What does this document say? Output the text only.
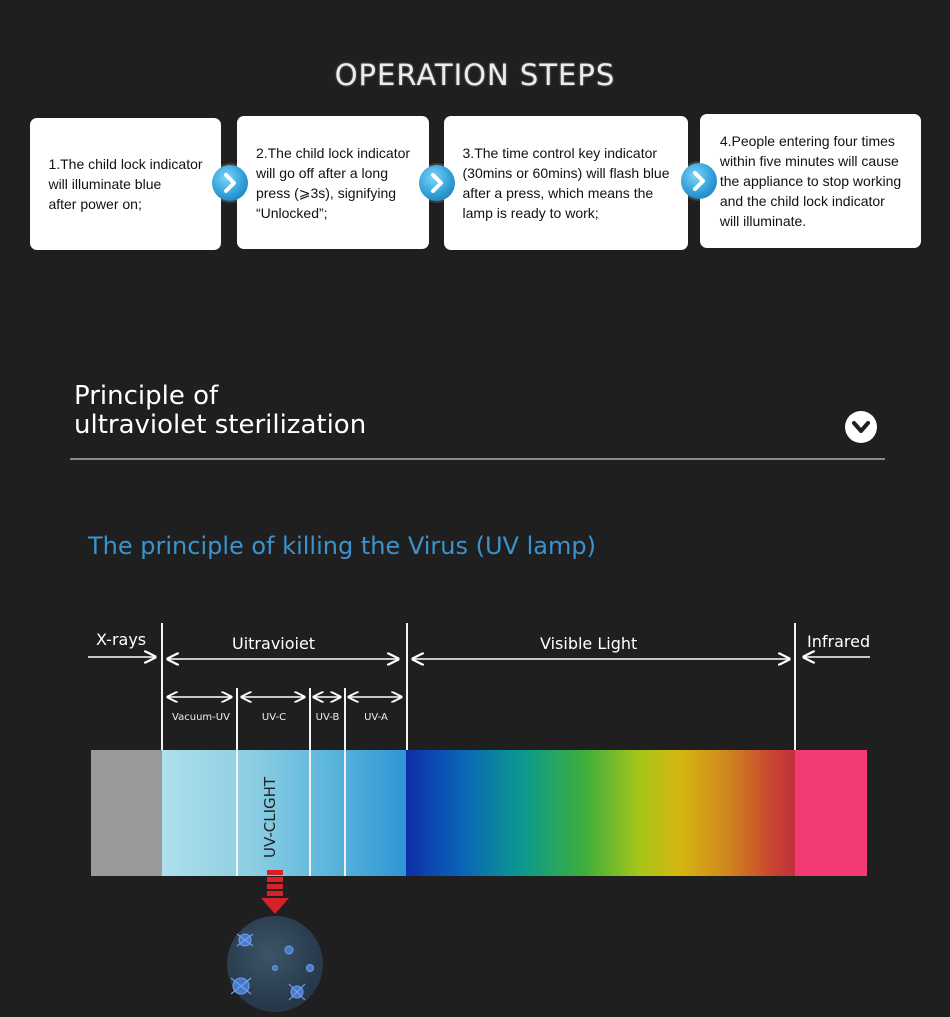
OPERATION STEPS
1.The child lock indicator
will illuminate blue
after power on;
2.The child lock indicator
will go off after a long
press (⩾3s), signifying
“Unlocked”;
3.The time control key indicator
(30mins or 60mins) will flash blue
after a press, which means the
lamp is ready to work;
4.People entering four times
within five minutes will cause
the appliance to stop working
and the child lock indicator
will illuminate.
Principle of
ultraviolet sterilization
The principle of killing the Virus (UV lamp)
X-rays	Uitravioiet	Visible Light	Infrared
Vacuum-UV	UV-C	UV-B	UV-A
UV-CLIGHT
